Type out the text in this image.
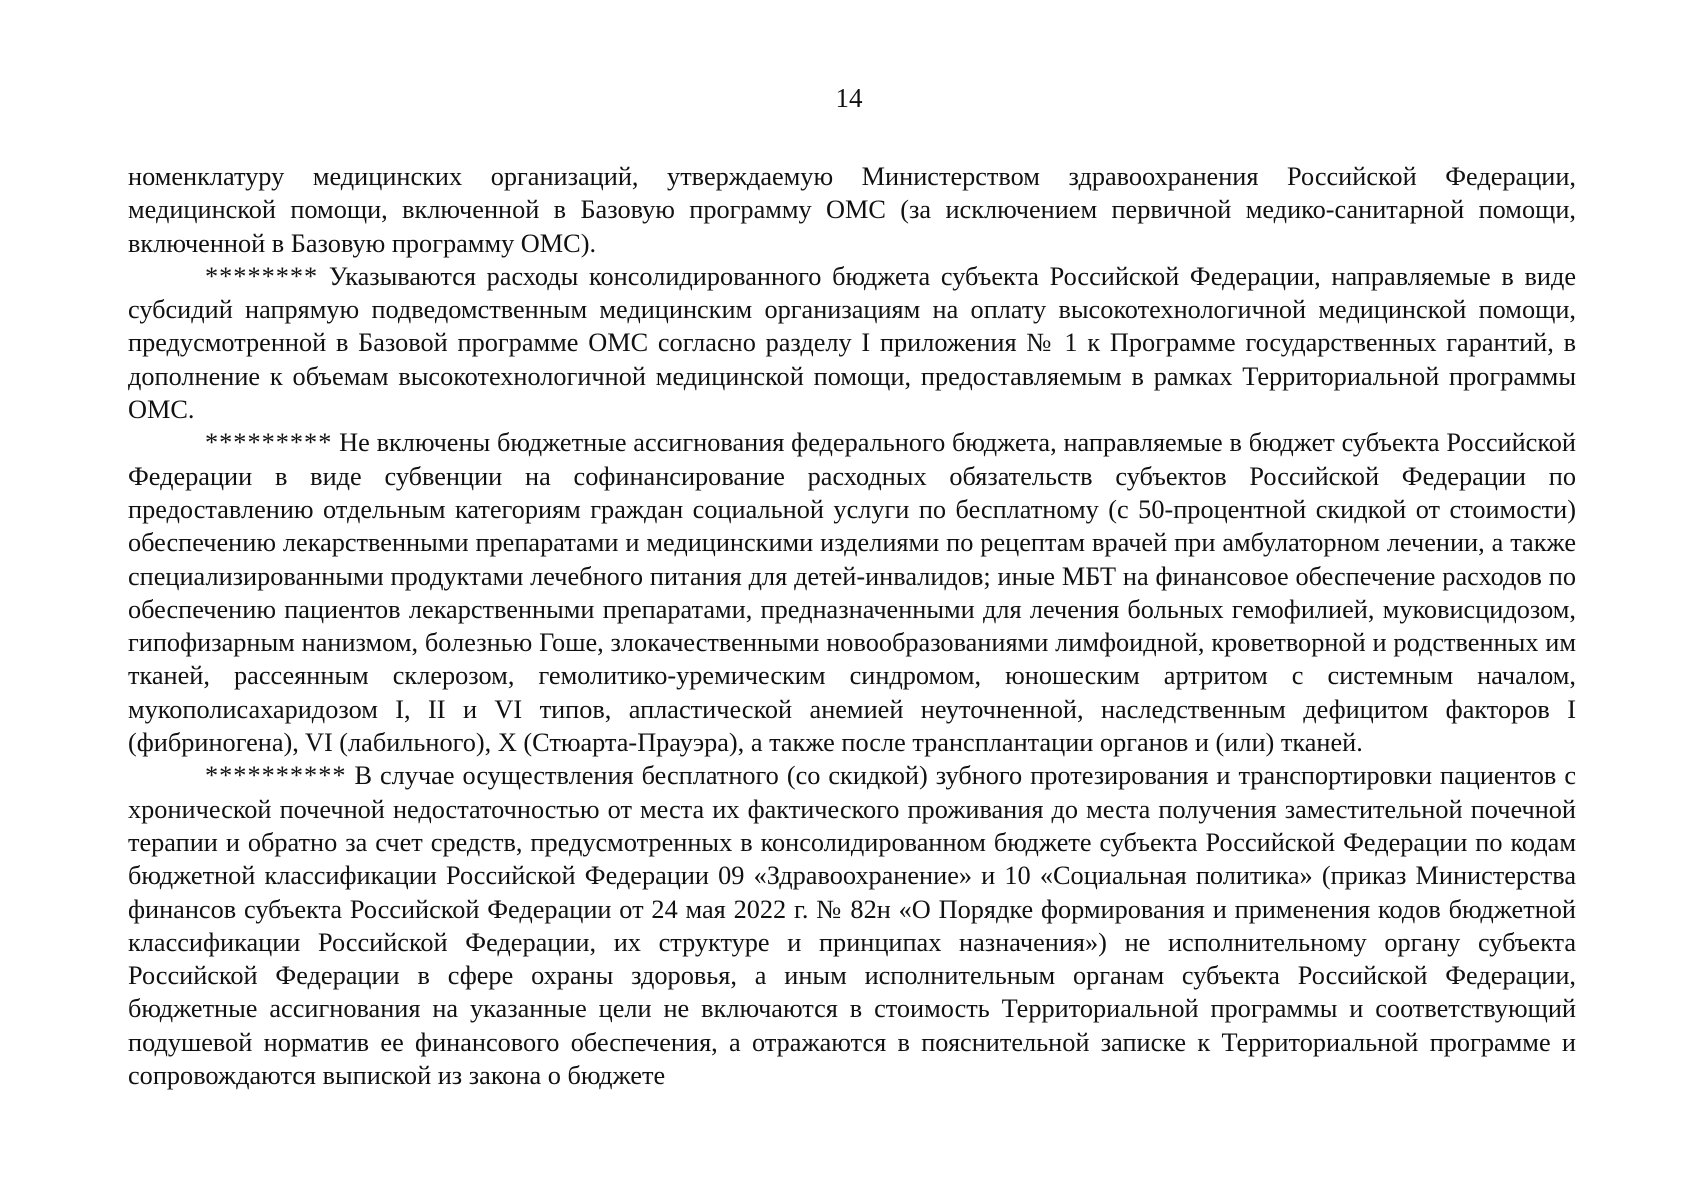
14

номенклатуру медицинских организаций, утверждаемую Министерством здравоохранения Российской Федерации, медицинской помощи, включенной в Базовую программу ОМС (за исключением первичной медико-санитарной помощи, включенной в Базовую программу ОМС).

******** Указываются расходы консолидированного бюджета субъекта Российской Федерации, направляемые в виде субсидий напрямую подведомственным медицинским организациям на оплату высокотехнологичной медицинской помощи, предусмотренной в Базовой программе ОМС согласно разделу I приложения № 1 к Программе государственных гарантий, в дополнение к объемам высокотехнологичной медицинской помощи, предоставляемым в рамках Территориальной программы ОМС.

********* Не включены бюджетные ассигнования федерального бюджета, направляемые в бюджет субъекта Российской Федерации в виде субвенции на софинансирование расходных обязательств субъектов Российской Федерации по предоставлению отдельным категориям граждан социальной услуги по бесплатному (с 50-процентной скидкой от стоимости) обеспечению лекарственными препаратами и медицинскими изделиями по рецептам врачей при амбулаторном лечении, а также специализированными продуктами лечебного питания для детей-инвалидов; иные МБТ на финансовое обеспечение расходов по обеспечению пациентов лекарственными препаратами, предназначенными для лечения больных гемофилией, муковисцидозом, гипофизарным нанизмом, болезнью Гоше, злокачественными новообразованиями лимфоидной, кроветворной и родственных им тканей, рассеянным склерозом, гемолитико-уремическим синдромом, юношеским артритом с системным началом, мукополисахаридозом I, II и VI типов, апластической анемией неуточненной, наследственным дефицитом факторов I (фибриногена), VI (лабильного), X (Стюарта-Прауэра), а также после трансплантации органов и (или) тканей.

********** В случае осуществления бесплатного (со скидкой) зубного протезирования и транспортировки пациентов с хронической почечной недостаточностью от места их фактического проживания до места получения заместительной почечной терапии и обратно за счет средств, предусмотренных в консолидированном бюджете субъекта Российской Федерации по кодам бюджетной классификации Российской Федерации 09 «Здравоохранение» и 10 «Социальная политика» (приказ Министерства финансов субъекта Российской Федерации от 24 мая 2022 г. № 82н «О Порядке формирования и применения кодов бюджетной классификации Российской Федерации, их структуре и принципах назначения») не исполнительному органу субъекта Российской Федерации в сфере охраны здоровья, а иным исполнительным органам субъекта Российской Федерации, бюджетные ассигнования на указанные цели не включаются в стоимость Территориальной программы и соответствующий подушевой норматив ее финансового обеспечения, а отражаются в пояснительной записке к Территориальной программе и сопровождаются выпиской из закона о бюджете
